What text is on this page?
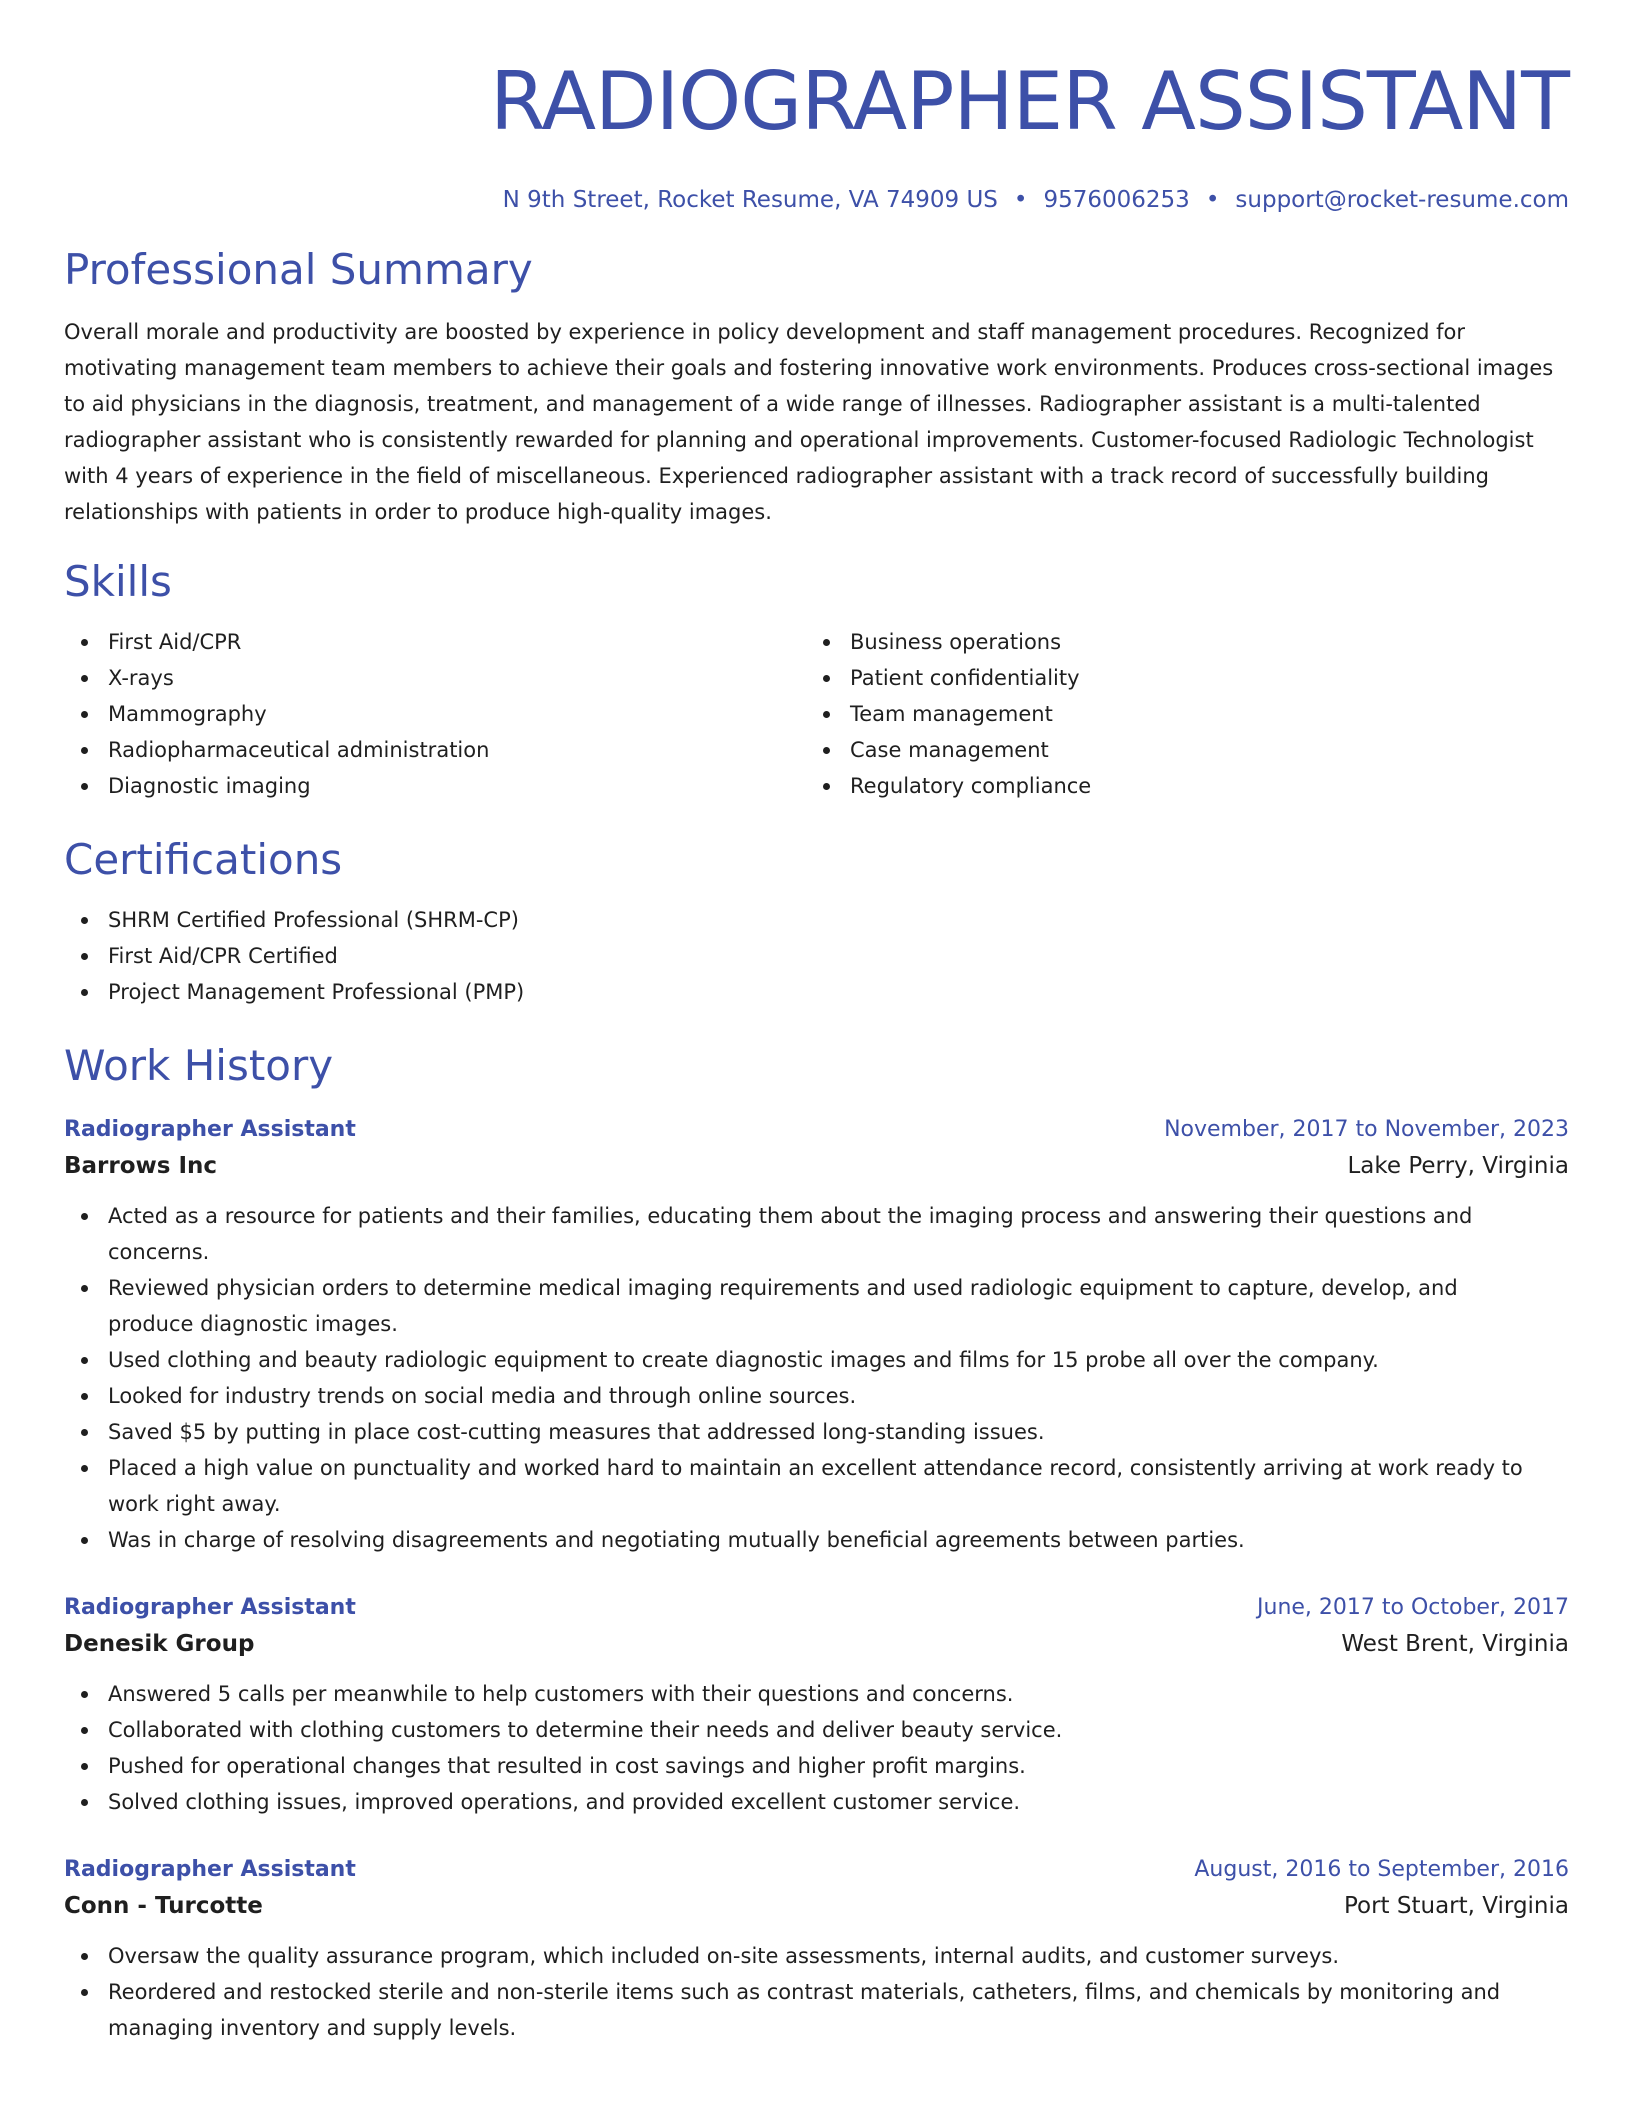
RADIOGRAPHER ASSISTANT
N 9th Street, Rocket Resume, VA 74909 US • 9576006253 • support@rocket-resume.com
Professional Summary

Overall morale and productivity are boosted by experience in policy development and staff management procedures. Recognized for motivating management team members to achieve their goals and fostering innovative work environments. Produces cross-sectional images to aid physicians in the diagnosis, treatment, and management of a wide range of illnesses. Radiographer assistant is a multi-talented radiographer assistant who is consistently rewarded for planning and operational improvements. Customer-focused Radiologic Technologist with 4 years of experience in the field of miscellaneous. Experienced radiographer assistant with a track record of successfully building relationships with patients in order to produce high-quality images.

Skills
First Aid/CPR
X-rays
Mammography
Radiopharmaceutical administration
Diagnostic imaging
Business operations
Patient confidentiality
Team management
Case management
Regulatory compliance
Certifications
SHRM Certified Professional (SHRM-CP)
First Aid/CPR Certified
Project Management Professional (PMP)
Work History
Radiographer Assistant	November, 2017 to November, 2023
Barrows Inc	Lake Perry, Virginia
Acted as a resource for patients and their families, educating them about the imaging process and answering their questions and concerns.
Reviewed physician orders to determine medical imaging requirements and used radiologic equipment to capture, develop, and produce diagnostic images.
Used clothing and beauty radiologic equipment to create diagnostic images and films for 15 probe all over the company.
Looked for industry trends on social media and through online sources.
Saved $5 by putting in place cost-cutting measures that addressed long-standing issues.
Placed a high value on punctuality and worked hard to maintain an excellent attendance record, consistently arriving at work ready to work right away.
Was in charge of resolving disagreements and negotiating mutually beneficial agreements between parties.
Radiographer Assistant	June, 2017 to October, 2017
Denesik Group	West Brent, Virginia
Answered 5 calls per meanwhile to help customers with their questions and concerns.
Collaborated with clothing customers to determine their needs and deliver beauty service.
Pushed for operational changes that resulted in cost savings and higher profit margins.
Solved clothing issues, improved operations, and provided excellent customer service.
Radiographer Assistant	August, 2016 to September, 2016
Conn - Turcotte	Port Stuart, Virginia
Oversaw the quality assurance program, which included on-site assessments, internal audits, and customer surveys.
Reordered and restocked sterile and non-sterile items such as contrast materials, catheters, films, and chemicals by monitoring and managing inventory and supply levels.
